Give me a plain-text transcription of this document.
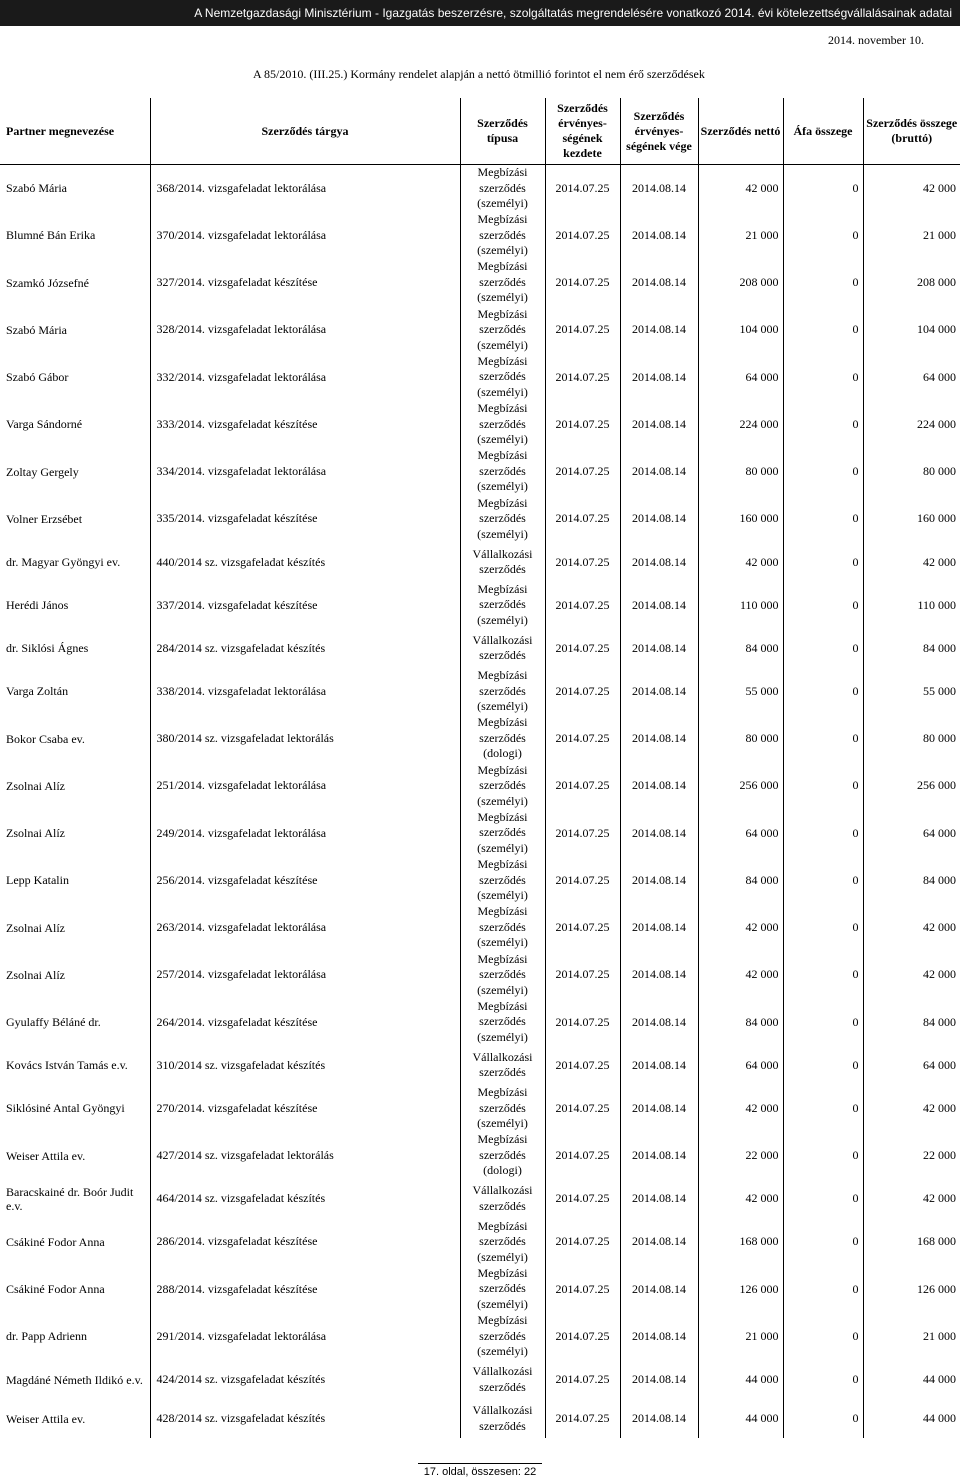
A Nemzetgazdasági Minisztérium - Igazgatás beszerzésre, szolgáltatás megrendelésére vonatkozó 2014. évi kötelezettségvállalásainak adatai
2014. november 10.
A 85/2010. (III.25.) Kormány rendelet alapján a nettó ötmillió forintot el nem érő szerződések
Partner megnevezése	Szerződés tárgya	Szerződés típusa	Szerződés érvényes-ségének kezdete	Szerződés érvényes-ségének vége	Szerződés nettó	Áfa összege	Szerződés összege (bruttó)
Szabó Mária	368/2014. vizsgafeladat lektorálása	Megbízási szerződés (személyi)	2014.07.25	2014.08.14	42 000	0	42 000
Blumné Bán Erika	370/2014. vizsgafeladat lektorálása	Megbízási szerződés (személyi)	2014.07.25	2014.08.14	21 000	0	21 000
Szamkó Józsefné	327/2014. vizsgafeladat készítése	Megbízási szerződés (személyi)	2014.07.25	2014.08.14	208 000	0	208 000
Szabó Mária	328/2014. vizsgafeladat lektorálása	Megbízási szerződés (személyi)	2014.07.25	2014.08.14	104 000	0	104 000
Szabó Gábor	332/2014. vizsgafeladat lektorálása	Megbízási szerződés (személyi)	2014.07.25	2014.08.14	64 000	0	64 000
Varga Sándorné	333/2014. vizsgafeladat készítése	Megbízási szerződés (személyi)	2014.07.25	2014.08.14	224 000	0	224 000
Zoltay Gergely	334/2014. vizsgafeladat lektorálása	Megbízási szerződés (személyi)	2014.07.25	2014.08.14	80 000	0	80 000
Volner Erzsébet	335/2014. vizsgafeladat készítése	Megbízási szerződés (személyi)	2014.07.25	2014.08.14	160 000	0	160 000
dr. Magyar Gyöngyi ev.	440/2014 sz. vizsgafeladat készítés	Vállalkozási szerződés	2014.07.25	2014.08.14	42 000	0	42 000
Herédi János	337/2014. vizsgafeladat készítése	Megbízási szerződés (személyi)	2014.07.25	2014.08.14	110 000	0	110 000
dr. Siklósi Ágnes	284/2014 sz. vizsgafeladat készítés	Vállalkozási szerződés	2014.07.25	2014.08.14	84 000	0	84 000
Varga Zoltán	338/2014. vizsgafeladat lektorálása	Megbízási szerződés (személyi)	2014.07.25	2014.08.14	55 000	0	55 000
Bokor Csaba ev.	380/2014 sz. vizsgafeladat lektorálás	Megbízási szerződés (dologi)	2014.07.25	2014.08.14	80 000	0	80 000
Zsolnai Alíz	251/2014. vizsgafeladat lektorálása	Megbízási szerződés (személyi)	2014.07.25	2014.08.14	256 000	0	256 000
Zsolnai Alíz	249/2014. vizsgafeladat lektorálása	Megbízási szerződés (személyi)	2014.07.25	2014.08.14	64 000	0	64 000
Lepp Katalin	256/2014. vizsgafeladat készítése	Megbízási szerződés (személyi)	2014.07.25	2014.08.14	84 000	0	84 000
Zsolnai Alíz	263/2014. vizsgafeladat lektorálása	Megbízási szerződés (személyi)	2014.07.25	2014.08.14	42 000	0	42 000
Zsolnai Alíz	257/2014. vizsgafeladat lektorálása	Megbízási szerződés (személyi)	2014.07.25	2014.08.14	42 000	0	42 000
Gyulaffy Béláné dr.	264/2014. vizsgafeladat készítése	Megbízási szerződés (személyi)	2014.07.25	2014.08.14	84 000	0	84 000
Kovács István Tamás e.v.	310/2014 sz. vizsgafeladat készítés	Vállalkozási szerződés	2014.07.25	2014.08.14	64 000	0	64 000
Siklósiné Antal Gyöngyi	270/2014. vizsgafeladat készítése	Megbízási szerződés (személyi)	2014.07.25	2014.08.14	42 000	0	42 000
Weiser Attila ev.	427/2014 sz. vizsgafeladat lektorálás	Megbízási szerződés (dologi)	2014.07.25	2014.08.14	22 000	0	22 000
Baracskainé dr. Boór Judit e.v.	464/2014 sz. vizsgafeladat készítés	Vállalkozási szerződés	2014.07.25	2014.08.14	42 000	0	42 000
Csákiné Fodor Anna	286/2014. vizsgafeladat készítése	Megbízási szerződés (személyi)	2014.07.25	2014.08.14	168 000	0	168 000
Csákiné Fodor Anna	288/2014. vizsgafeladat készítése	Megbízási szerződés (személyi)	2014.07.25	2014.08.14	126 000	0	126 000
dr. Papp Adrienn	291/2014. vizsgafeladat lektorálása	Megbízási szerződés (személyi)	2014.07.25	2014.08.14	21 000	0	21 000
Magdáné Németh Ildikó e.v.	424/2014 sz. vizsgafeladat készítés	Vállalkozási szerződés	2014.07.25	2014.08.14	44 000	0	44 000
Weiser Attila ev.	428/2014 sz. vizsgafeladat készítés	Vállalkozási szerződés	2014.07.25	2014.08.14	44 000	0	44 000
17. oldal, összesen: 22
